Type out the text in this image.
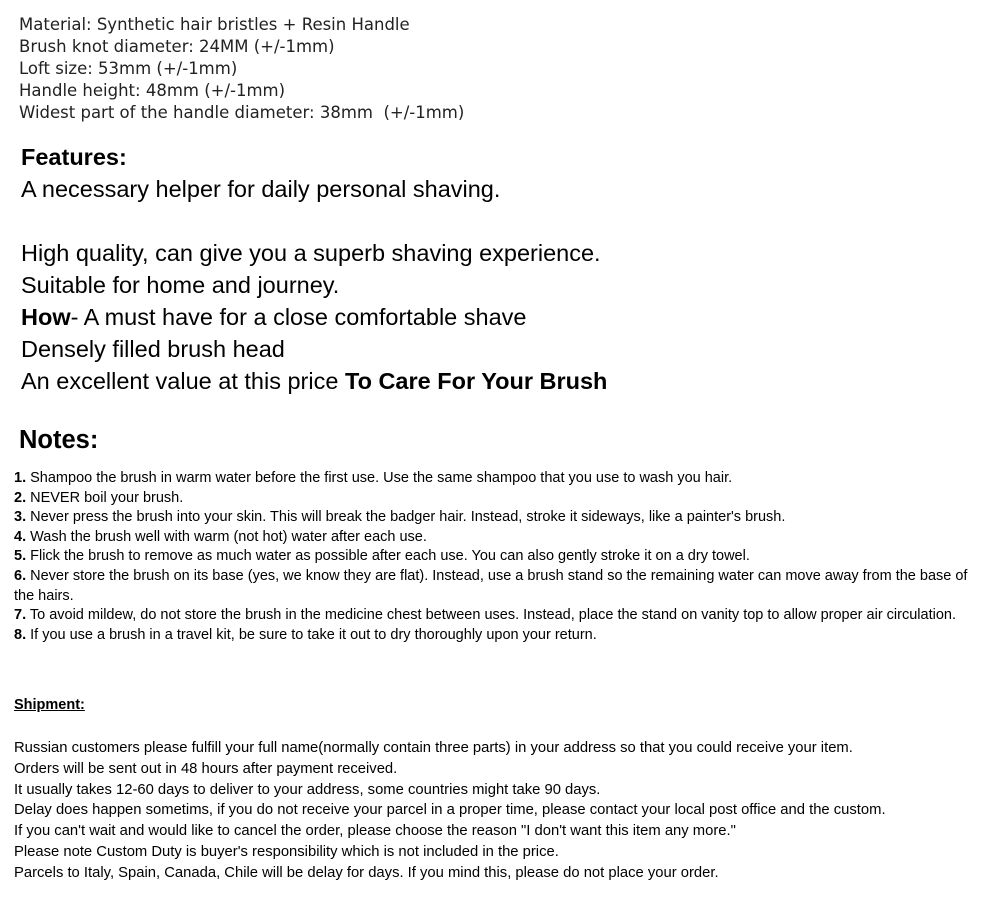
Material: Synthetic hair bristles + Resin Handle
Brush knot diameter: 24MM (+/-1mm)
Loft size: 53mm (+/-1mm)
Handle height: 48mm (+/-1mm)
Widest part of the handle diameter: 38mm  (+/-1mm)
Features:
A necessary helper for daily personal shaving.
High quality, can give you a superb shaving experience.
Suitable for home and journey.
How- A must have for a close comfortable shave
Densely filled brush head
An excellent value at this price To Care For Your Brush
Notes:
1. Shampoo the brush in warm water before the first use. Use the same shampoo that you use to wash you hair.
2. NEVER boil your brush.
3. Never press the brush into your skin. This will break the badger hair. Instead, stroke it sideways, like a painter's brush.
4. Wash the brush well with warm (not hot) water after each use.
5. Flick the brush to remove as much water as possible after each use. You can also gently stroke it on a dry towel.
6. Never store the brush on its base (yes, we know they are flat). Instead, use a brush stand so the remaining water can move away from the base of the hairs.
7. To avoid mildew, do not store the brush in the medicine chest between uses. Instead, place the stand on vanity top to allow proper air circulation.
8. If you use a brush in a travel kit, be sure to take it out to dry thoroughly upon your return.
Shipment:
Russian customers please fulfill your full name(normally contain three parts) in your address so that you could receive your item.
Orders will be sent out in 48 hours after payment received.
It usually takes 12-60 days to deliver to your address, some countries might take 90 days.
Delay does happen sometims, if you do not receive your parcel in a proper time, please contact your local post office and the custom.
If you can't wait and would like to cancel the order, please choose the reason "I don't want this item any more."
Please note Custom Duty is buyer's responsibility which is not included in the price.
Parcels to Italy, Spain, Canada, Chile will be delay for days. If you mind this, please do not place your order.
